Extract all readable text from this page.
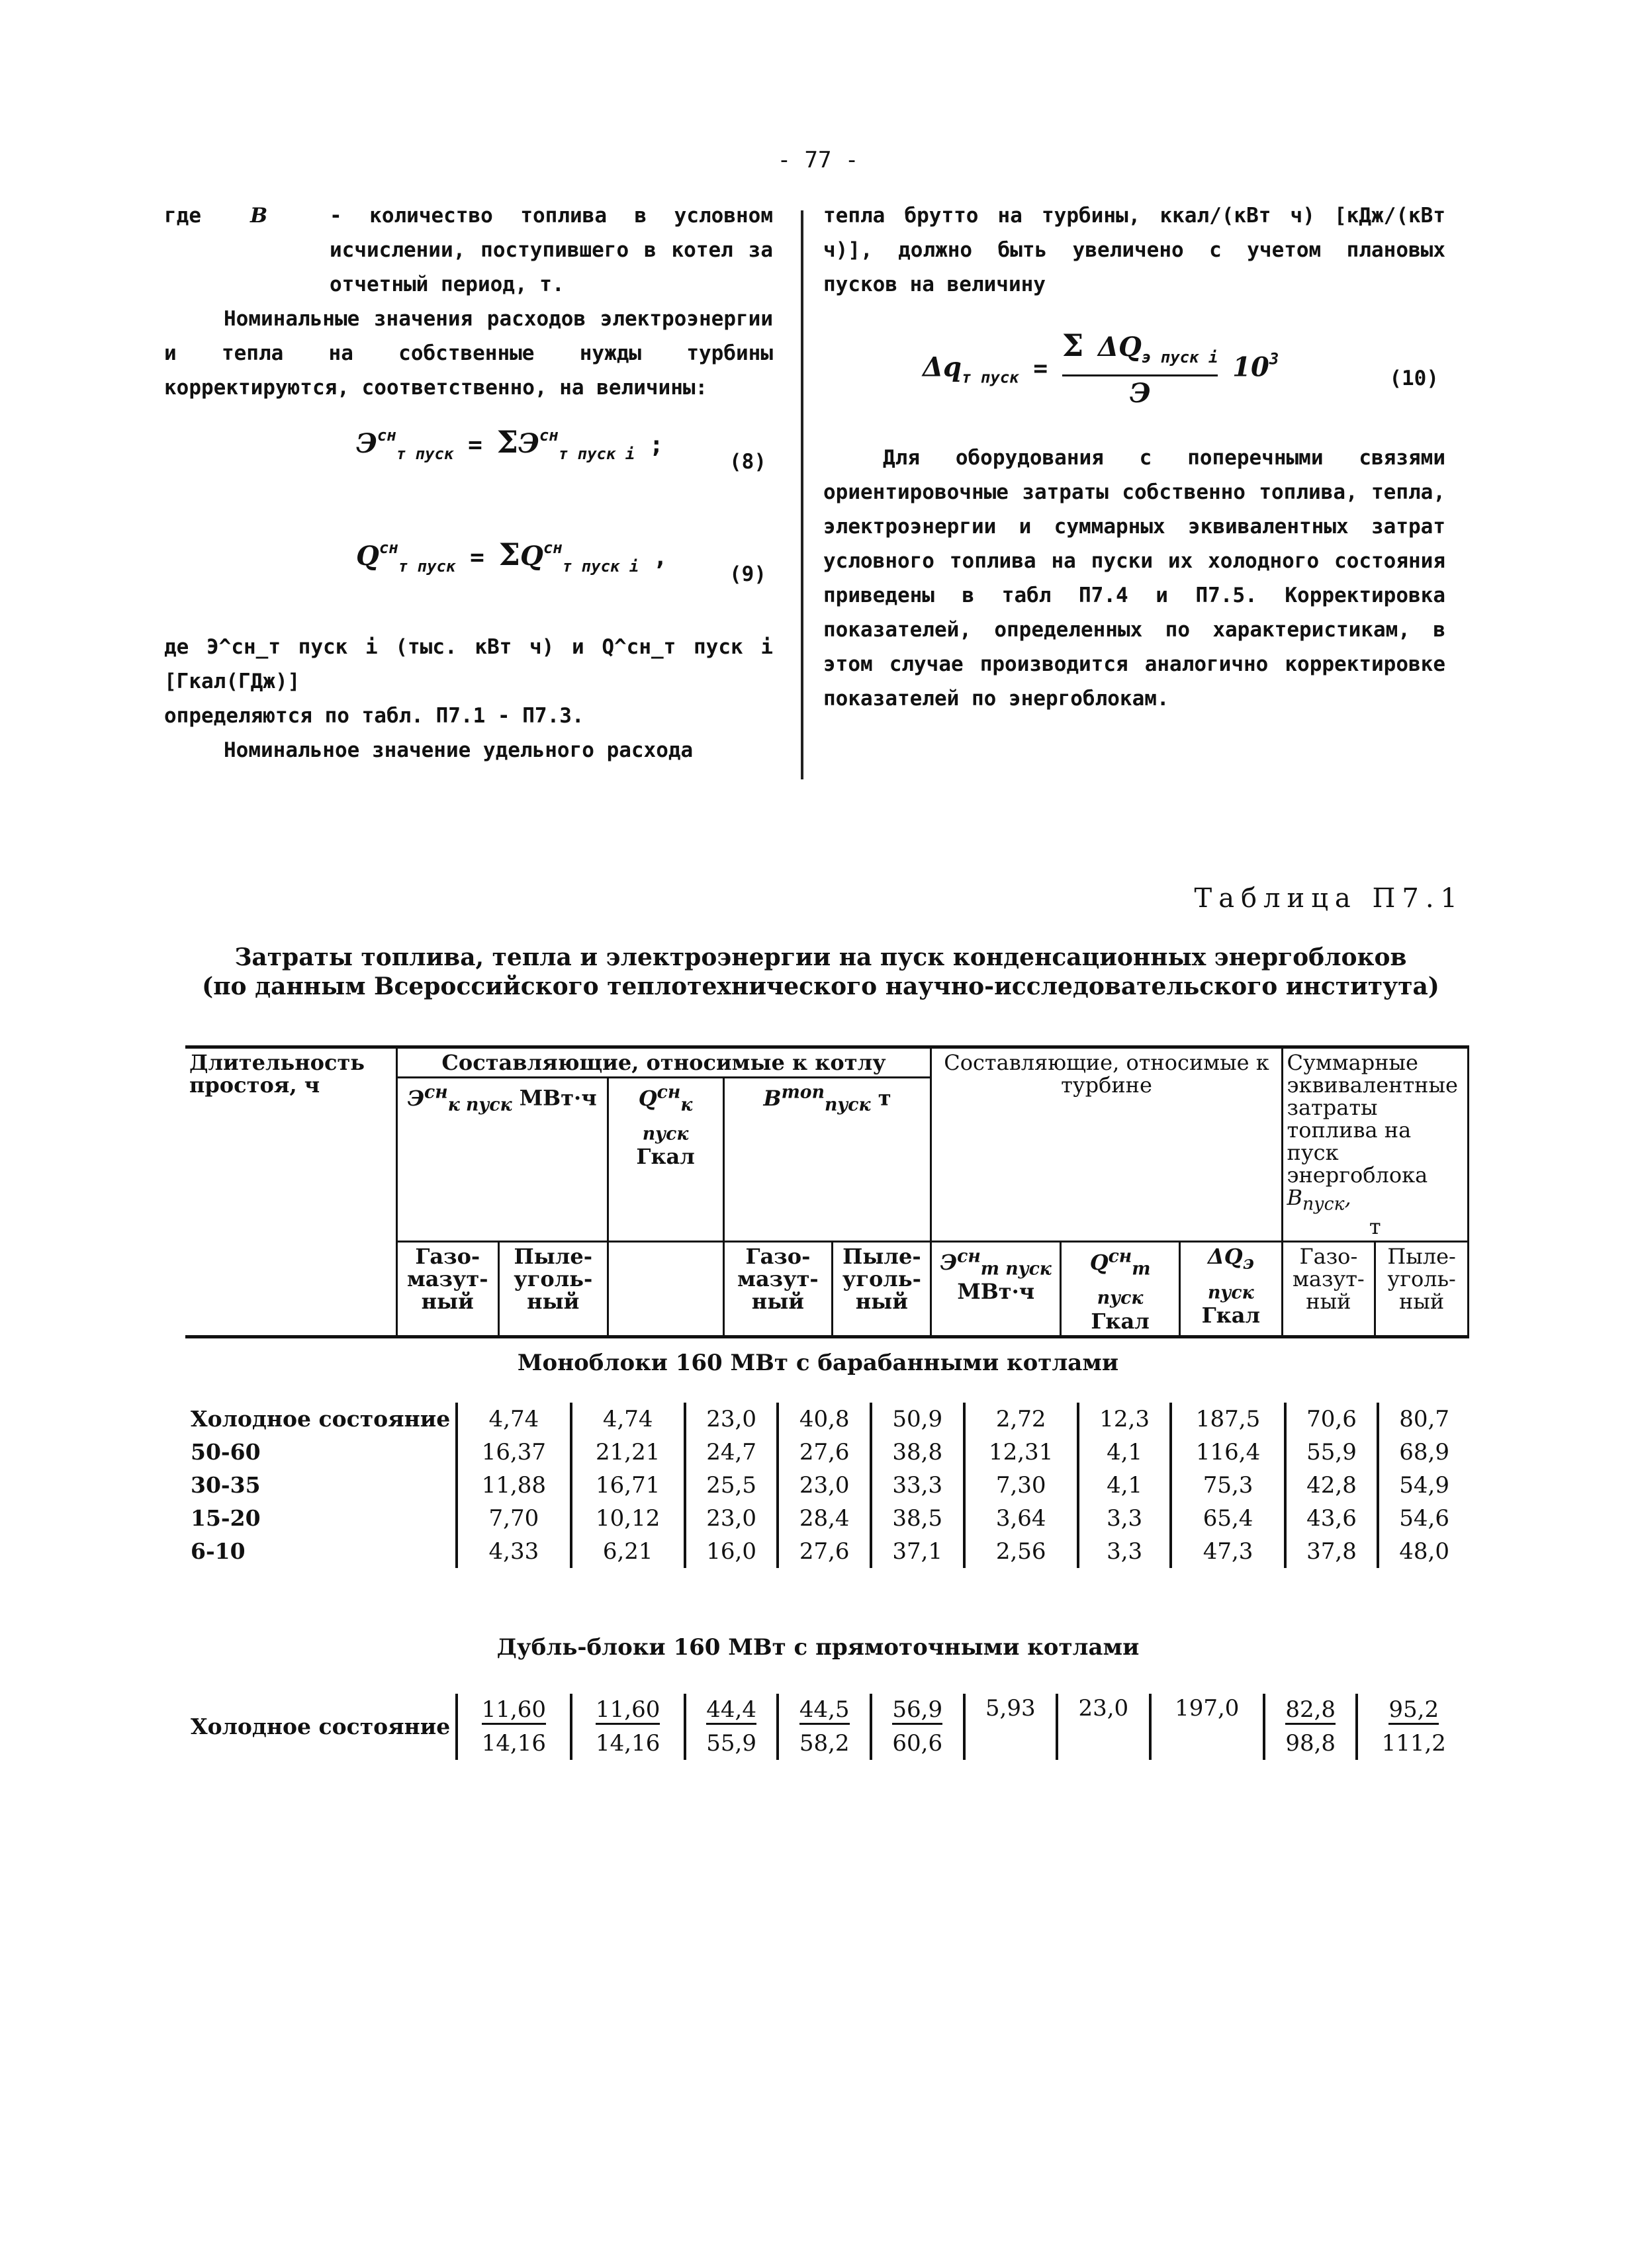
- 77 -
где B	- количество топлива в условном исчислении, поступившего в котел за отчетный период, т.

Номинальные значения расходов электроэнергии и тепла на собственные нужды турбины корректируются, соответственно, на величины:

$Э^{сн}_{т пуск} = \Sigma Э^{сн}_{т пуск i}$ ;
(8)
$Q^{сн}_{т пуск} = \Sigma Q^{сн}_{т пуск i}$ ,
(9)

де Э^сн_т пуск i (тыс. кВт ч) и Q^сн_т пуск i [Гкал(ГДж)]

определяются по табл. П7.1 - П7.3.

Номинальное значение удельного расхода

тепла брутто на турбины, ккал/(кВт ч) [кДж/(кВт ч)], должно быть увеличено с учетом плановых пусков на величину

$\Delta q_{т пуск}$ =
Σ $\Delta Q_{э пуск i}$
Э
$10^3$
(10)

Для оборудования с поперечными связями ориентировочные затраты собственно топлива, тепла, электроэнергии и суммарных эквивалентных затрат условного топлива на пуски их холодного состояния приведены в табл П7.4 и П7.5. Корректировка показателей, определенных по характеристикам, в этом случае производится аналогично корректировке показателей по энергоблокам.

Таблица П7.1
Затраты топлива, тепла и электроэнергии на пуск конденсационных энергоблоков
(по данным Всероссийского теплотехнического научно-исследовательского института)
Длительность простоя, ч	Составляющие, относимые к котлу					Составляющие, относимые к турбине			Суммарные эквивалентные затраты топлива на пуск энергоблока $B_{пуск}$,
т	

	$Э^{сн}_{к пуск}$ МВт·ч		$Q^{сн}_{к пуск}$
Гкал	$B^{топ}_{пуск}$ т						
	Газо-мазут-ный	Пыле-уголь-ный		Газо-мазут-ный	Пыле-уголь-ный	$Э^{сн}_{т пуск}$
МВт·ч	$Q^{сн}_{т пуск}$
Гкал	$\Delta Q_{э пуск}$
Гкал	Газо-мазут-ный	Пыле-уголь-ный

Моноблоки 160 МВт с барабанными котлами
Холодное состояние	4,74	4,74	23,0	40,8	50,9	2,72	12,3	187,5	70,6	80,7
50-60	16,37	21,21	24,7	27,6	38,8	12,31	4,1	116,4	55,9	68,9
30-35	11,88	16,71	25,5	23,0	33,3	7,30	4,1	75,3	42,8	54,9
15-20	7,70	10,12	23,0	28,4	38,5	3,64	3,3	65,4	43,6	54,6
6-10	4,33	6,21	16,0	27,6	37,1	2,56	3,3	47,3	37,8	48,0
Дубль-блоки 160 МВт с прямоточными котлами
Холодное состояние	11,60	11,60	44,4	44,5	56,9	5,93	23,0	197,0	82,8	95,2
	14,16	14,16	55,9	58,2	60,6				98,8	111,2
